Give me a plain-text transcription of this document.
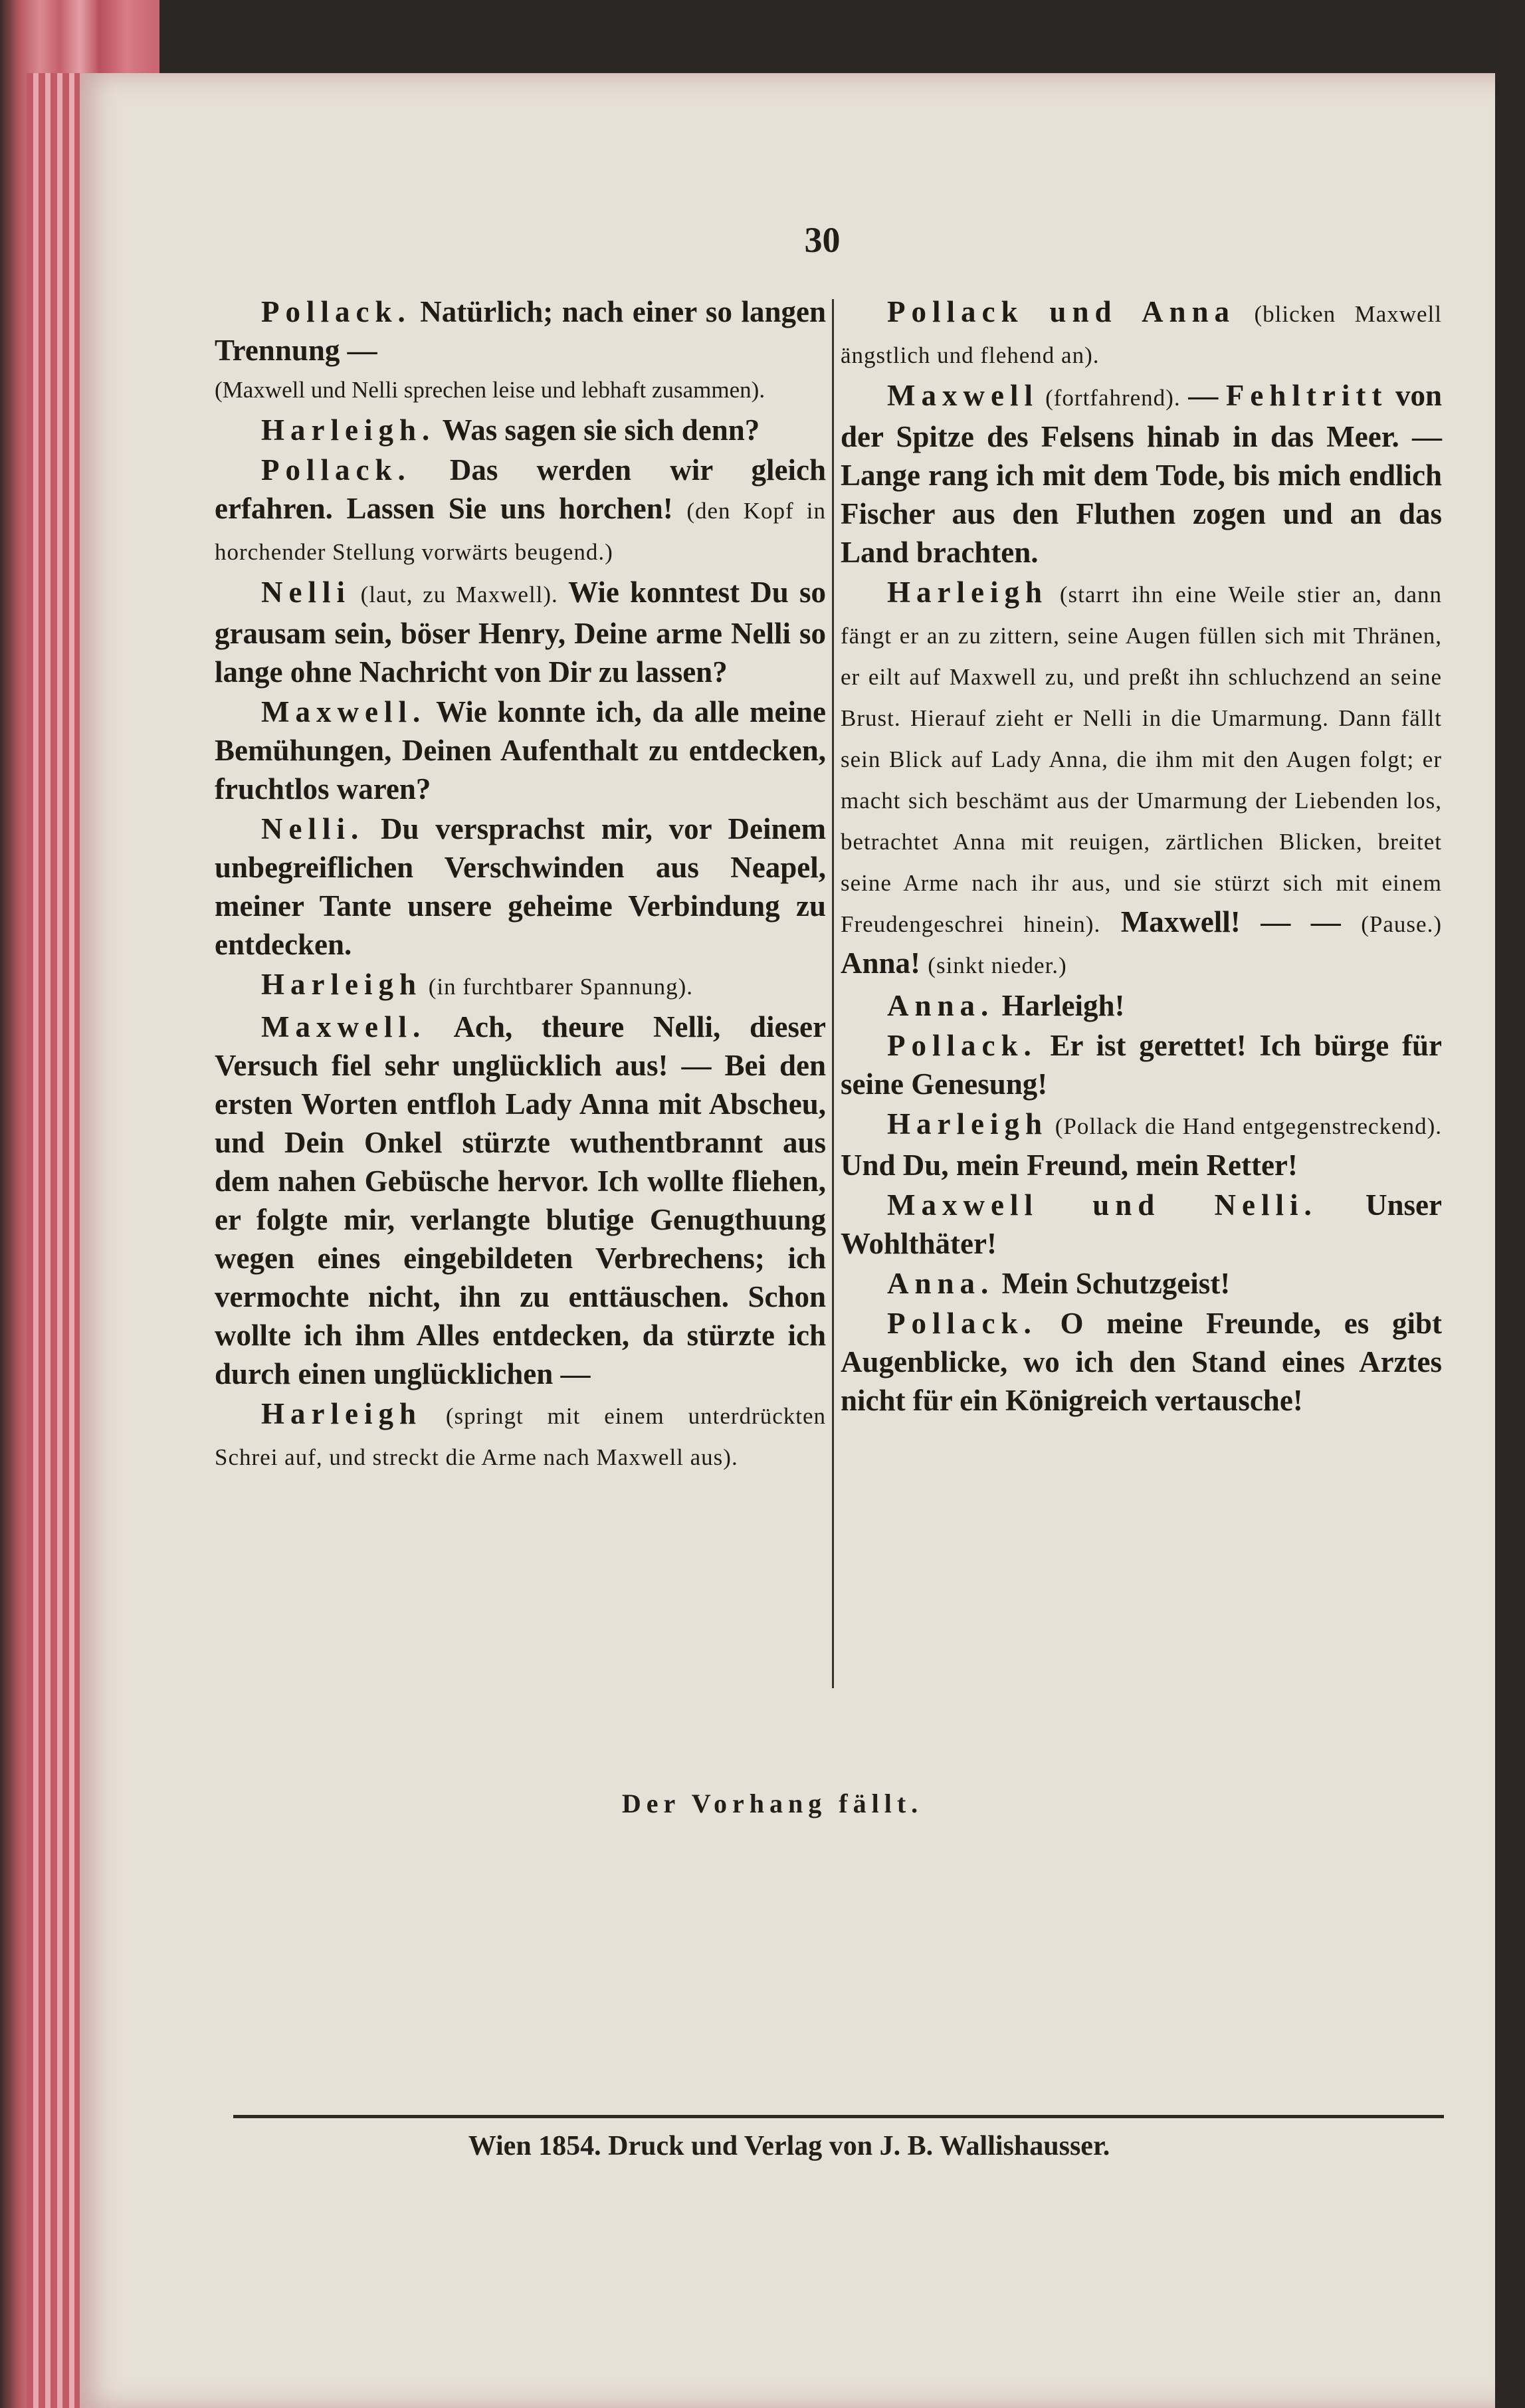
30

Pollack. Natürlich; nach einer so langen Trennung —

(Maxwell und Nelli sprechen leise und lebhaft zusammen).

Harleigh. Was sagen sie sich denn?

Pollack. Das werden wir gleich erfahren. Lassen Sie uns horchen! (den Kopf in horchender Stellung vorwärts beugend.)

Nelli (laut, zu Maxwell). Wie konntest Du so grausam sein, böser Henry, Deine arme Nelli so lange ohne Nachricht von Dir zu lassen?

Maxwell. Wie konnte ich, da alle meine Bemühungen, Deinen Aufenthalt zu entdecken, fruchtlos waren?

Nelli. Du versprachst mir, vor Deinem unbegreiflichen Verschwinden aus Neapel, meiner Tante unsere geheime Verbindung zu entdecken.

Harleigh (in furchtbarer Spannung).

Maxwell. Ach, theure Nelli, dieser Versuch fiel sehr unglücklich aus! — Bei den ersten Worten entfloh Lady Anna mit Abscheu, und Dein Onkel stürzte wuthentbrannt aus dem nahen Gebüsche hervor. Ich wollte fliehen, er folgte mir, verlangte blutige Genugthuung wegen eines eingebildeten Verbrechens; ich vermochte nicht, ihn zu enttäuschen. Schon wollte ich ihm Alles entdecken, da stürzte ich durch einen unglücklichen —

Harleigh (springt mit einem unterdrückten Schrei auf, und streckt die Arme nach Maxwell aus).

Pollack und Anna (blicken Maxwell ängstlich und flehend an).

Maxwell (fortfahrend). — Fehltritt von der Spitze des Felsens hinab in das Meer. — Lange rang ich mit dem Tode, bis mich endlich Fischer aus den Fluthen zogen und an das Land brachten.

Harleigh (starrt ihn eine Weile stier an, dann fängt er an zu zittern, seine Augen füllen sich mit Thränen, er eilt auf Maxwell zu, und preßt ihn schluchzend an seine Brust. Hierauf zieht er Nelli in die Umarmung. Dann fällt sein Blick auf Lady Anna, die ihm mit den Augen folgt; er macht sich beschämt aus der Umarmung der Liebenden los, betrachtet Anna mit reuigen, zärtlichen Blicken, breitet seine Arme nach ihr aus, und sie stürzt sich mit einem Freudengeschrei hinein). Maxwell! — — (Pause.) Anna! (sinkt nieder.)

Anna. Harleigh!

Pollack. Er ist gerettet! Ich bürge für seine Genesung!

Harleigh (Pollack die Hand entgegenstreckend). Und Du, mein Freund, mein Retter!

Maxwell und Nelli. Unser Wohlthäter!

Anna. Mein Schutzgeist!

Pollack. O meine Freunde, es gibt Augenblicke, wo ich den Stand eines Arztes nicht für ein Königreich vertausche!

Der Vorhang fällt.
Wien 1854. Druck und Verlag von J. B. Wallishausser.
